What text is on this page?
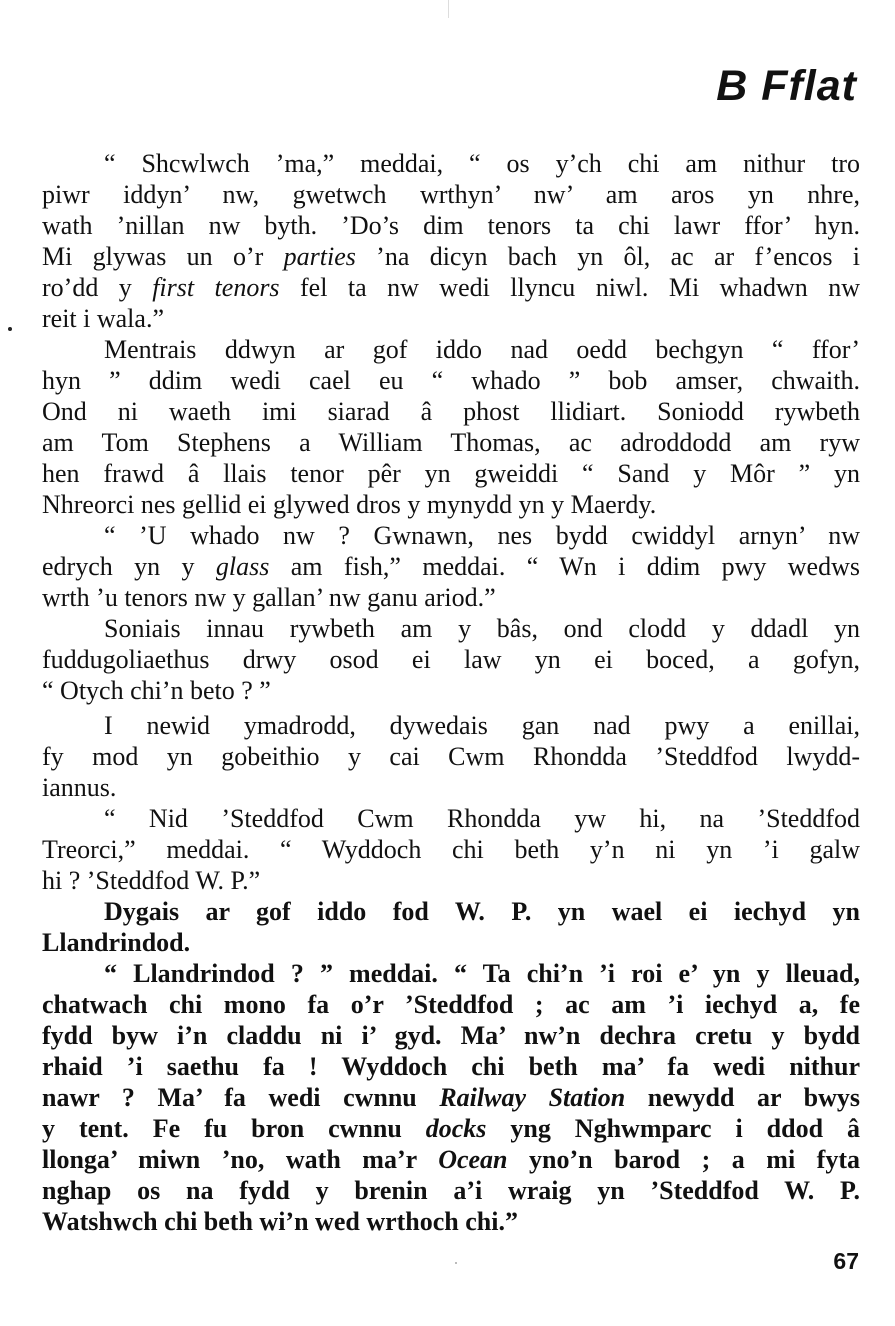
B Fflat
“ Shcwlwch ’ma,” meddai, “ os y’ch chi am nithur tro
piwr iddyn’ nw, gwetwch wrthyn’ nw’ am aros yn nhre,
wath ’nillan nw byth. ’Do’s dim tenors ta chi lawr ffor’ hyn.
Mi glywas un o’r parties ’na dicyn bach yn ôl, ac ar f’encos i
ro’dd y first tenors fel ta nw wedi llyncu niwl. Mi whadwn nw
reit i wala.”
Mentrais ddwyn ar gof iddo nad oedd bechgyn “ ffor’
hyn ” ddim wedi cael eu “ whado ” bob amser, chwaith.
Ond ni waeth imi siarad â phost llidiart. Soniodd rywbeth
am Tom Stephens a William Thomas, ac adroddodd am ryw
hen frawd â llais tenor pêr yn gweiddi “ Sand y Môr ” yn
Nhreorci nes gellid ei glywed dros y mynydd yn y Maerdy.
“ ’U whado nw ? Gwnawn, nes bydd cwiddyl arnyn’ nw
edrych yn y glass am fish,” meddai. “ Wn i ddim pwy wedws
wrth ’u tenors nw y gallan’ nw ganu ariod.”
Soniais innau rywbeth am y bâs, ond clodd y ddadl yn
fuddugoliaethus drwy osod ei law yn ei boced, a gofyn,
“ Otych chi’n beto ? ”
I newid ymadrodd, dywedais gan nad pwy a enillai,
fy mod yn gobeithio y cai Cwm Rhondda ’Steddfod lwydd-
iannus.
“ Nid ’Steddfod Cwm Rhondda yw hi, na ’Steddfod
Treorci,” meddai. “ Wyddoch chi beth y’n ni yn ’i galw
hi ? ’Steddfod W. P.”
Dygais ar gof iddo fod W. P. yn wael ei iechyd yn
Llandrindod.
“ Llandrindod ? ” meddai. “ Ta chi’n ’i roi e’ yn y lleuad,
chatwach chi mono fa o’r ’Steddfod ; ac am ’i iechyd a, fe
fydd byw i’n claddu ni i’ gyd. Ma’ nw’n dechra cretu y bydd
rhaid ’i saethu fa ! Wyddoch chi beth ma’ fa wedi nithur
nawr ? Ma’ fa wedi cwnnu Railway Station newydd ar bwys
y tent. Fe fu bron cwnnu docks yng Nghwmparc i ddod â
llonga’ miwn ’no, wath ma’r Ocean yno’n barod ; a mi fyta
nghap os na fydd y brenin a’i wraig yn ’Steddfod W. P.
Watshwch chi beth wi’n wed wrthoch chi.”
67
